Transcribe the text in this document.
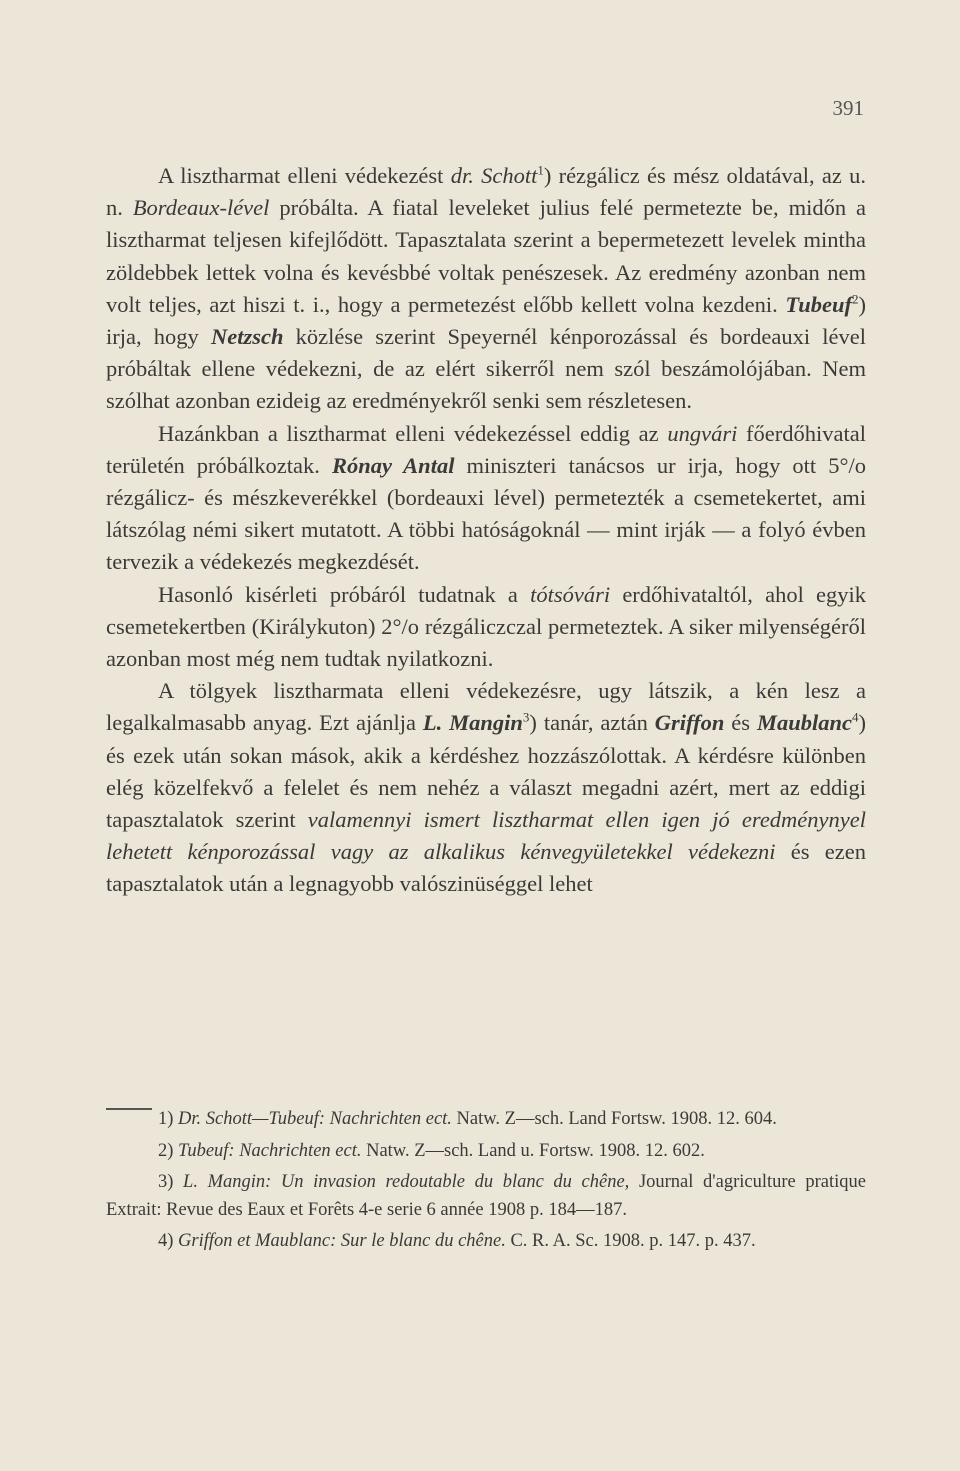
391

A lisztharmat elleni védekezést dr. Schott$^1$) rézgálicz és mész oldatával, az u. n. Bordeaux-lével próbálta. A fiatal leveleket julius felé permetezte be, midőn a lisztharmat teljesen kifejlődött. Tapasztalata szerint a bepermetezett levelek mintha zöldebbek lettek volna és kevésbbé voltak penészesek. Az eredmény azonban nem volt teljes, azt hiszi t. i., hogy a permetezést előbb kellett volna kezdeni. Tubeuf$^2$) irja, hogy Netzsch közlése szerint Speyernél kénporozással és bordeauxi lével próbáltak ellene védekezni, de az elért sikerről nem szól beszámolójában. Nem szólhat azonban ezideig az eredményekről senki sem részletesen.

Hazánkban a lisztharmat elleni védekezéssel eddig az ungvári főerdőhivatal területén próbálkoztak. Rónay Antal miniszteri tanácsos ur irja, hogy ott 5°/o rézgálicz- és mészkeverékkel (bordeauxi lével) permetezték a csemetekertet, ami látszólag némi sikert mutatott. A többi hatóságoknál — mint irják — a folyó évben tervezik a védekezés megkezdését.

Hasonló kisérleti próbáról tudatnak a tótsóvári erdőhivataltól, ahol egyik csemetekertben (Királykuton) 2°/o rézgáliczczal permeteztek. A siker milyenségéről azonban most még nem tudtak nyilatkozni.

A tölgyek lisztharmata elleni védekezésre, ugy látszik, a kén lesz a legalkalmasabb anyag. Ezt ajánlja L. Mangin$^3$) tanár, aztán Griffon és Maublanc$^4$) és ezek után sokan mások, akik a kérdéshez hozzászólottak. A kérdésre különben elég közelfekvő a felelet és nem nehéz a választ megadni azért, mert az eddigi tapasztalatok szerint valamennyi ismert lisztharmat ellen igen jó eredménynyel lehetett kénporozással vagy az alkalikus kénvegyületekkel védekezni és ezen tapasztalatok után a legnagyobb valószinüséggel lehet

1) Dr. Schott—Tubeuf: Nachrichten ect. Natw. Z—sch. Land Fortsw. 1908. 12. 604.

2) Tubeuf: Nachrichten ect. Natw. Z—sch. Land u. Fortsw. 1908. 12. 602.

3) L. Mangin: Un invasion redoutable du blanc du chêne, Journal d'agriculture pratique Extrait: Revue des Eaux et Forêts 4-e serie 6 année 1908 p. 184—187.

4) Griffon et Maublanc: Sur le blanc du chêne. C. R. A. Sc. 1908. p. 147. p. 437.
